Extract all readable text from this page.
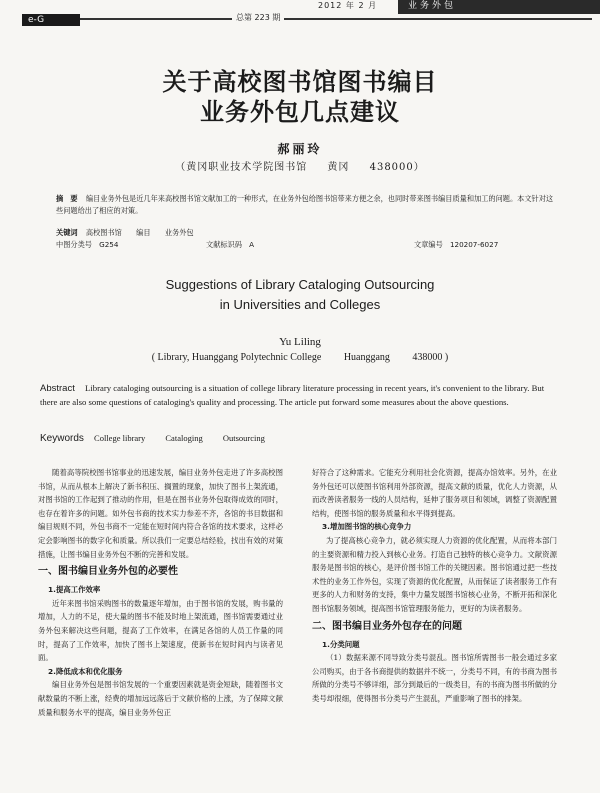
e-G	总第 223 期
2012 年 2 月	业务外包
关于高校图书馆图书编目
业务外包几点建议
郝丽玲
（黄冈职业技术学院图书馆 黄冈 438000）
摘　要 编目业务外包是近几年来高校图书馆文献加工的一种形式，在业务外包给图书馆带来方便之余，也同时带来图书编目质量和加工的问题。本文针对这些问题给出了相应的对策。
关键词 高校图书馆 编目 业务外包
中图分类号　G254	文献标识码　A	文章编号　120207-6027
Suggestions of Library Cataloging Outsourcing
in Universities and Colleges
Yu Liling
( Library, Huanggang Polytechnic College Huanggang 438000 )
Abstract Library cataloging outsourcing is a situation of college library literature processing in recent years, it's convenient to the library. But there are also some questions of cataloging's quality and processing. The article put forward some measures about the above questions.
Keywords College library Cataloging Outsourcing

随着高等院校图书馆事业的迅速发展，编目业务外包走进了许多高校图书馆，从而从根本上解决了新书积压、搁置的现象，加快了图书上架流通，对图书馆的工作起到了推动的作用，但是在图书业务外包取得成效的同时，也存在着许多的问题。如外包书商的技术实力参差不齐，各馆的书目数据和编目规则不同，外包书商不一定能在短时间内符合各馆的技术要求，这样必定会影响图书的数字化和质量。所以我们一定要总结经验，找出有效的对策措施，让图书编目业务外包不断的完善和发展。

一、图书编目业务外包的必要性

1.提高工作效率

近年来图书馆采购图书的数量逐年增加，由于图书馆的发展，购书量的增加，人力的不足，使大量的图书不能及时地上架流通，图书馆需要通过业务外包来解决这些问题，提高了工作效率，在满足各馆的人员工作量的同时，提高了工作效率，加快了图书上架速度，使新书在短时间内与读者见面。

2.降低成本和优化服务

编目业务外包是图书馆发展的一个重要因素就是资金短缺，随着图书文献数量的不断上涨，经费的增加远远落后于文献价格的上涨，为了保障文献质量和服务水平的提高，编目业务外包正

好符合了这种需求。它能充分利用社会化资源，提高办馆效率。另外，在业务外包还可以使图书馆利用外部资源，提高文献的质量，优化人力资源，从而改善读者服务一线的人员结构，延伸了服务项目和领域，调整了资源配置结构，使图书馆的服务质量和水平得到提高。

3.增加图书馆的核心竞争力

为了提高核心竞争力，就必须实现人力资源的优化配置，从而将本部门的主要资源和精力投入到核心业务。打造自己独特的核心竞争力。文献资源服务是图书馆的核心，是评价图书馆工作的关键因素。图书馆通过把一些技术性的业务工作外包，实现了资源的优化配置，从而保证了读者服务工作有更多的人力和财务的支持，集中力量发展图书馆核心业务，不断开拓和深化图书馆服务领域，提高图书馆管理服务能力，更好的为读者服务。

二、图书编目业务外包存在的问题

1.分类问题

（1）数据来源不同导致分类号混乱。图书馆所需图书一般会通过多家公司购买，由于各书商提供的数据并不统一，分类号不同，有的书商为图书所做的分类号不够详细，部分到最后的一级类目，有的书商为图书所做的分类号却很细，使得图书分类号产生混乱，严重影响了图书的排架。
